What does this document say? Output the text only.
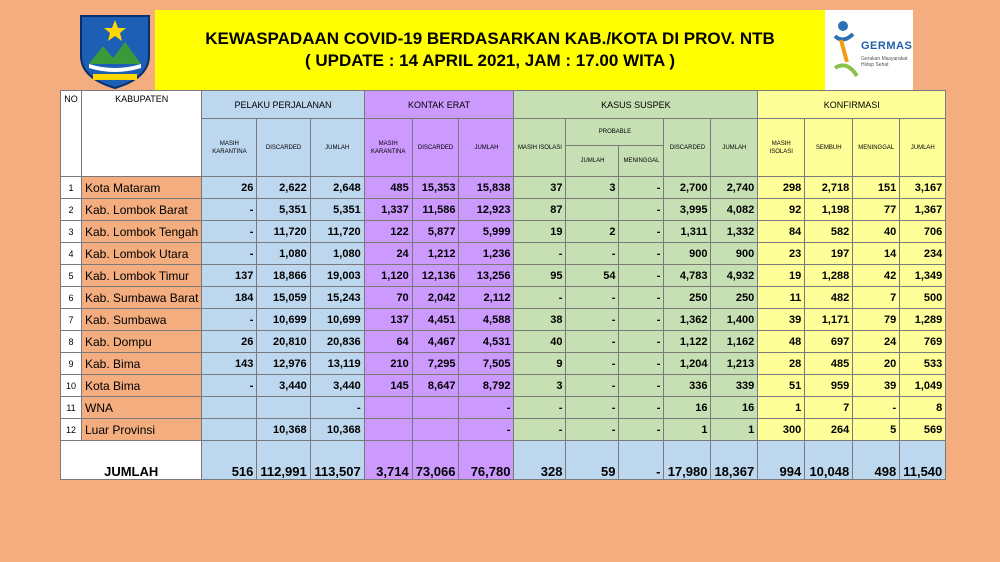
KEWASPADAAN COVID-19 BERDASARKAN KAB./KOTA DI PROV. NTB
( UPDATE : 14 APRIL 2021, JAM : 17.00 WITA )
GERMAS
Gerakan Masyarakat Hidup Sehat
NO	KABUPATEN	PELAKU PERJALANAN			KONTAK ERAT			KASUS SUSPEK					KONFIRMASI			
		MASIH KARANTINA	DISCARDED	JUMLAH	MASIH KARANTINA	DISCARDED	JUMLAH	MASIH ISOLASI	PROBABLE		DISCARDED	JUMLAH	MASIH ISOLASI	SEMBUH	MENINGGAL	JUMLAH
									JUMLAH	MENINGGAL						
1	Kota Mataram	26	2,622	2,648	485	15,353	15,838	37	3	-	2,700	2,740	298	2,718	151	3,167
2	Kab. Lombok Barat	-	5,351	5,351	1,337	11,586	12,923	87		-	3,995	4,082	92	1,198	77	1,367
3	Kab. Lombok Tengah	-	11,720	11,720	122	5,877	5,999	19	2	-	1,311	1,332	84	582	40	706
4	Kab. Lombok Utara	-	1,080	1,080	24	1,212	1,236	-	-	-	900	900	23	197	14	234
5	Kab. Lombok Timur	137	18,866	19,003	1,120	12,136	13,256	95	54	-	4,783	4,932	19	1,288	42	1,349
6	Kab. Sumbawa Barat	184	15,059	15,243	70	2,042	2,112	-	-	-	250	250	11	482	7	500
7	Kab. Sumbawa	-	10,699	10,699	137	4,451	4,588	38	-	-	1,362	1,400	39	1,171	79	1,289
8	Kab. Dompu	26	20,810	20,836	64	4,467	4,531	40	-	-	1,122	1,162	48	697	24	769
9	Kab. Bima	143	12,976	13,119	210	7,295	7,505	9	-	-	1,204	1,213	28	485	20	533
10	Kota Bima	-	3,440	3,440	145	8,647	8,792	3	-	-	336	339	51	959	39	1,049
11	WNA			-			-	-	-	-	16	16	1	7	-	8
12	Luar Provinsi		10,368	10,368			-	-	-	-	1	1	300	264	5	569
JUMLAH		516	112,991	113,507	3,714	73,066	76,780	328	59	-	17,980	18,367	994	10,048	498	11,540
